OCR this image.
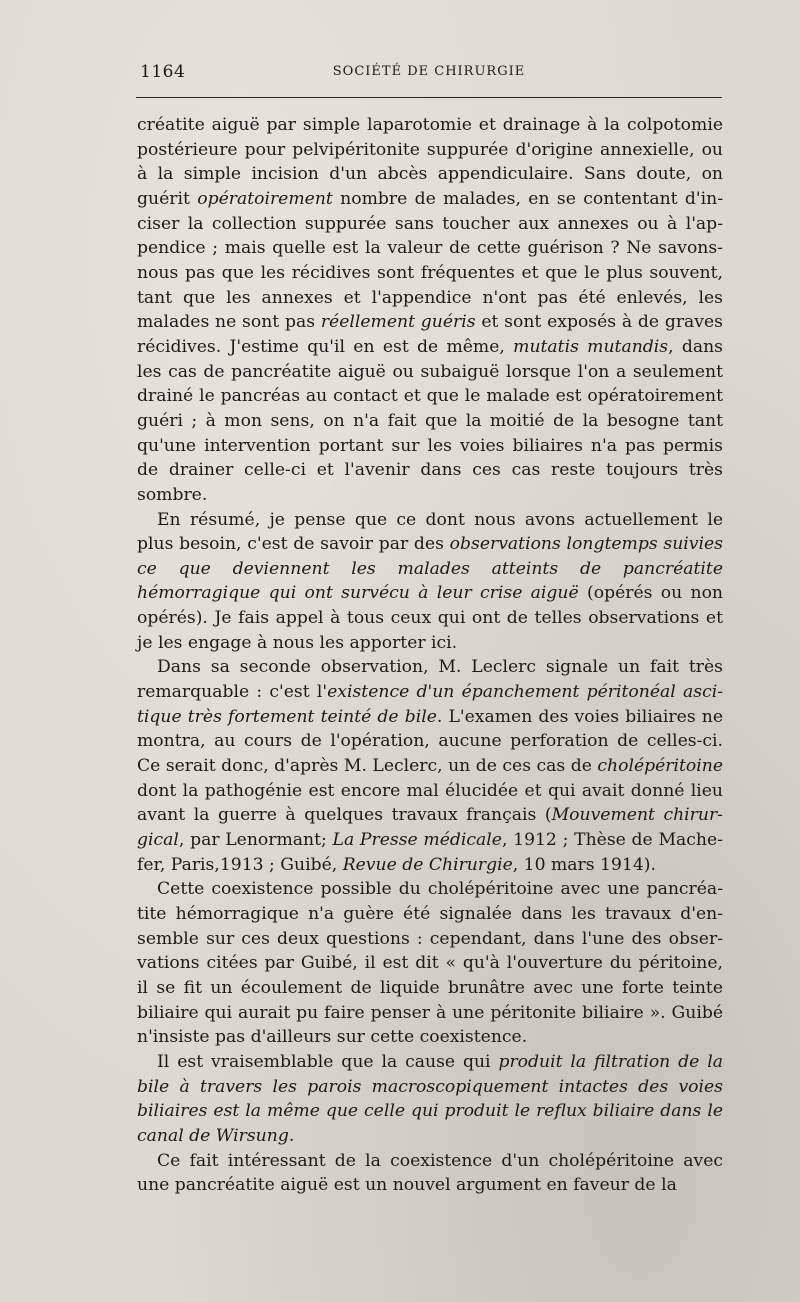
1164	SOCIÉTÉ DE CHIRURGIE

créatite aiguë par simple laparotomie et drainage à la colpotomie postérieure pour pelvipéritonite suppurée d'origine annexielle, ou à la simple incision d'un abcès appendiculaire. Sans doute, on guérit opératoirement nombre de malades, en se contentant d'inciser la collection suppurée sans toucher aux annexes ou à l'appendice ; mais quelle est la valeur de cette guérison ? Ne savons-nous pas que les récidives sont fréquentes et que le plus souvent, tant que les annexes et l'appendice n'ont pas été enlevés, les malades ne sont pas réellement guéris et sont exposés à de graves récidives. J'estime qu'il en est de même, mutatis mutandis, dans les cas de pancréatite aiguë ou subaiguë lorsque l'on a seulement drainé le pancréas au contact et que le malade est opératoirement guéri ; à mon sens, on n'a fait que la moitié de la besogne tant qu'une intervention portant sur les voies biliaires n'a pas permis de drainer celle-ci et l'avenir dans ces cas reste toujours très sombre.

En résumé, je pense que ce dont nous avons actuellement le plus besoin, c'est de savoir par des observations longtemps suivies ce que deviennent les malades atteints de pancréatite hémorragique qui ont survécu à leur crise aiguë (opérés ou non opérés). Je fais appel à tous ceux qui ont de telles observations et je les engage à nous les apporter ici.

Dans sa seconde observation, M. Leclerc signale un fait très remarquable : c'est l'existence d'un épanchement péritonéal ascitique très fortement teinté de bile. L'examen des voies biliaires ne montra, au cours de l'opération, aucune perforation de celles-ci. Ce serait donc, d'après M. Leclerc, un de ces cas de cholépéritoine dont la pathogénie est encore mal élucidée et qui avait donné lieu avant la guerre à quelques travaux français (Mouvement chirurgical, par Lenormant; La Presse médicale, 1912 ; Thèse de Machefer, Paris,1913 ; Guibé, Revue de Chirurgie, 10 mars 1914).

Cette coexistence possible du cholépéritoine avec une pancréatite hémorragique n'a guère été signalée dans les travaux d'ensemble sur ces deux questions : cependant, dans l'une des observations citées par Guibé, il est dit « qu'à l'ouverture du péritoine, il se fit un écoulement de liquide brunâtre avec une forte teinte biliaire qui aurait pu faire penser à une péritonite biliaire ». Guibé n'insiste pas d'ailleurs sur cette coexistence.

Il est vraisemblable que la cause qui produit la filtration de la bile à travers les parois macroscopiquement intactes des voies biliaires est la même que celle qui produit le reflux biliaire dans le canal de Wirsung.

Ce fait intéressant de la coexistence d'un cholépéritoine avec une pancréatite aiguë est un nouvel argument en faveur de la
